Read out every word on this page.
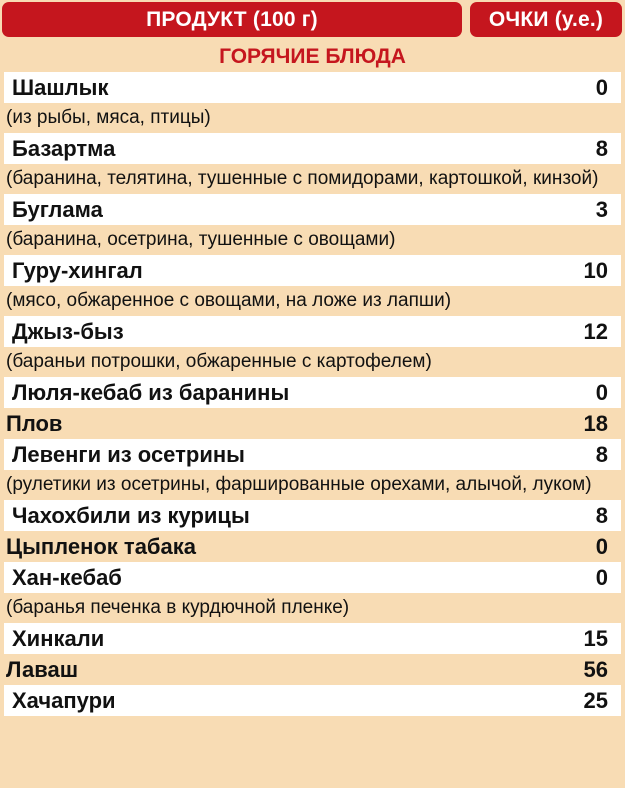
ПРОДУКТ (100 г)	ОЧКИ (у.е.)
ГОРЯЧИЕ БЛЮДА
Шашлык	0
(из рыбы, мяса, птицы)
Базартма	8
(баранина, телятина, тушенные с помидорами, картошкой, кинзой)
Буглама	3
(баранина, осетрина, тушенные с овощами)
Гуру-хингал	10
(мясо, обжаренное с овощами, на ложе из лапши)
Джыз-быз	12
(бараньи потрошки, обжаренные с картофелем)
Люля-кебаб из баранины	0
Плов	18
Левенги из осетрины	8
(рулетики из осетрины, фаршированные орехами, алычой, луком)
Чахохбили из курицы	8
Цыпленок табака	0
Хан-кебаб	0
(баранья печенка в курдючной пленке)
Хинкали	15
Лаваш	56
Хачапури	25
